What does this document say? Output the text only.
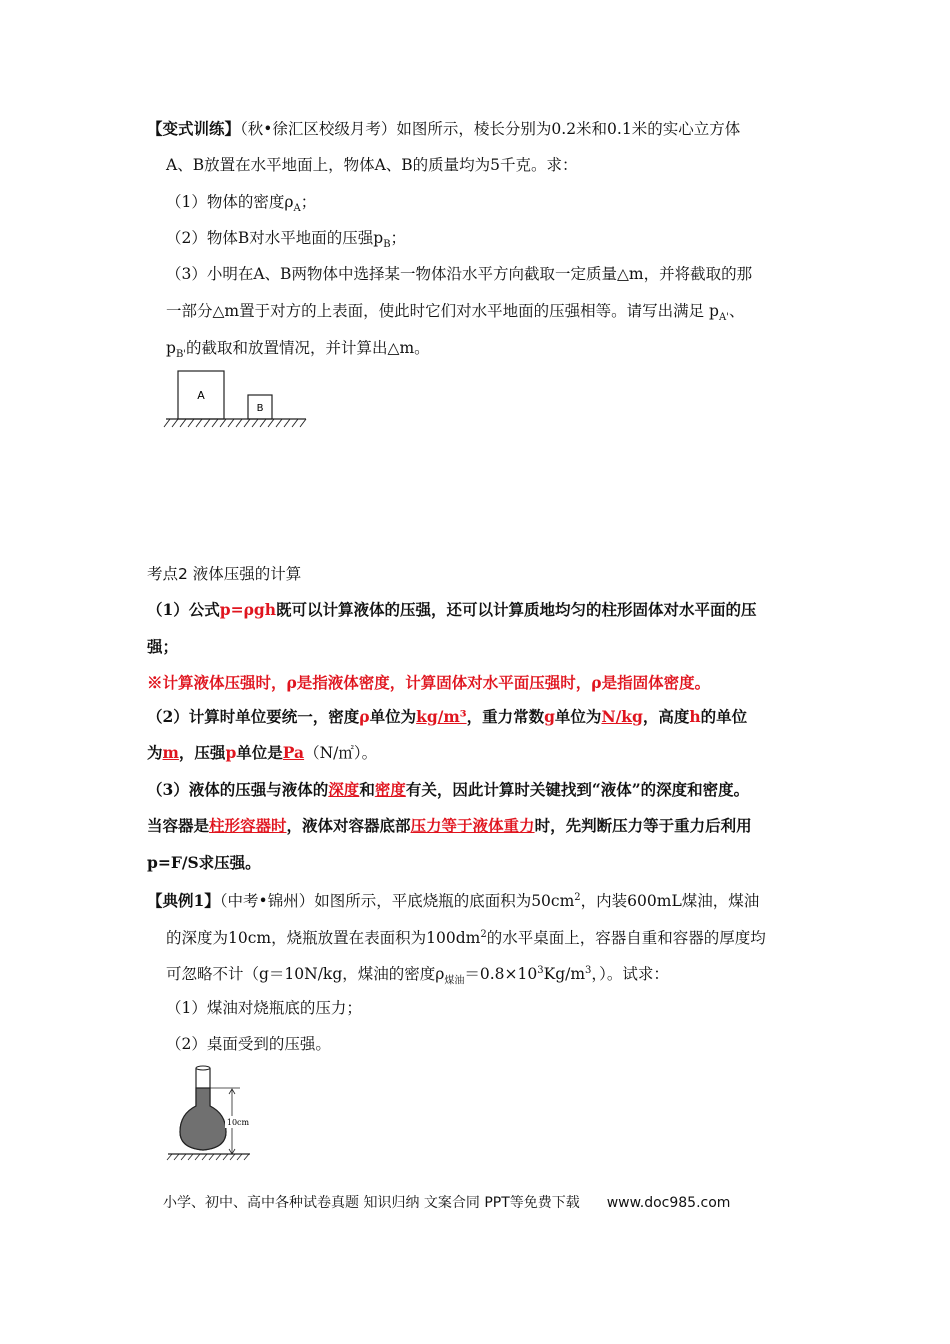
【变式训练】（秋•徐汇区校级月考）如图所示，棱长分别为0.2米和0.1米的实心立方体
A、B放置在水平地面上，物体A、B的质量均为5千克。求：
（1）物体的密度$\rho_A$；
（2）物体B对水平地面的压强$p_B$；
（3）小明在A、B两物体中选择某一物体沿水平方向截取一定质量△m，并将截取的那
一部分△m置于对方的上表面，使此时它们对水平地面的压强相等。请写出满足 $p_{A'}$、
$p_{B'}$的截取和放置情况，并计算出△m。
A
B
考点2 液体压强的计算
（1）公式p=ρgh既可以计算液体的压强，还可以计算质地均匀的柱形固体对水平面的压
强；
※计算液体压强时，ρ是指液体密度，计算固体对水平面压强时，ρ是指固体密度。
（2）计算时单位要统一，密度ρ单位为kg/m³，重力常数g单位为N/kg，高度h的单位
为m，压强p单位是Pa（N/㎡）。
（3）液体的压强与液体的深度和密度有关，因此计算时关键找到“液体”的深度和密度。
当容器是柱形容器时，液体对容器底部压力等于液体重力时，先判断压力等于重力后利用
p=F/S求压强。
【典例1】（中考•锦州）如图所示，平底烧瓶的底面积为$50cm^2$，内装600mL煤油，煤油
的深度为10cm，烧瓶放置在表面积为$100dm^2$的水平桌面上，容器自重和容器的厚度均
可忽略不计（g＝10N/kg，煤油的密度$\rho_{煤油}=0.8\times 10^3Kg/m^3$，）。试求：
（1）煤油对烧瓶底的压力；
（2）桌面受到的压强。
10cm
小学、初中、高中各种试卷真题 知识归纳 文案合同 PPT等免费下载 www.doc985.com
